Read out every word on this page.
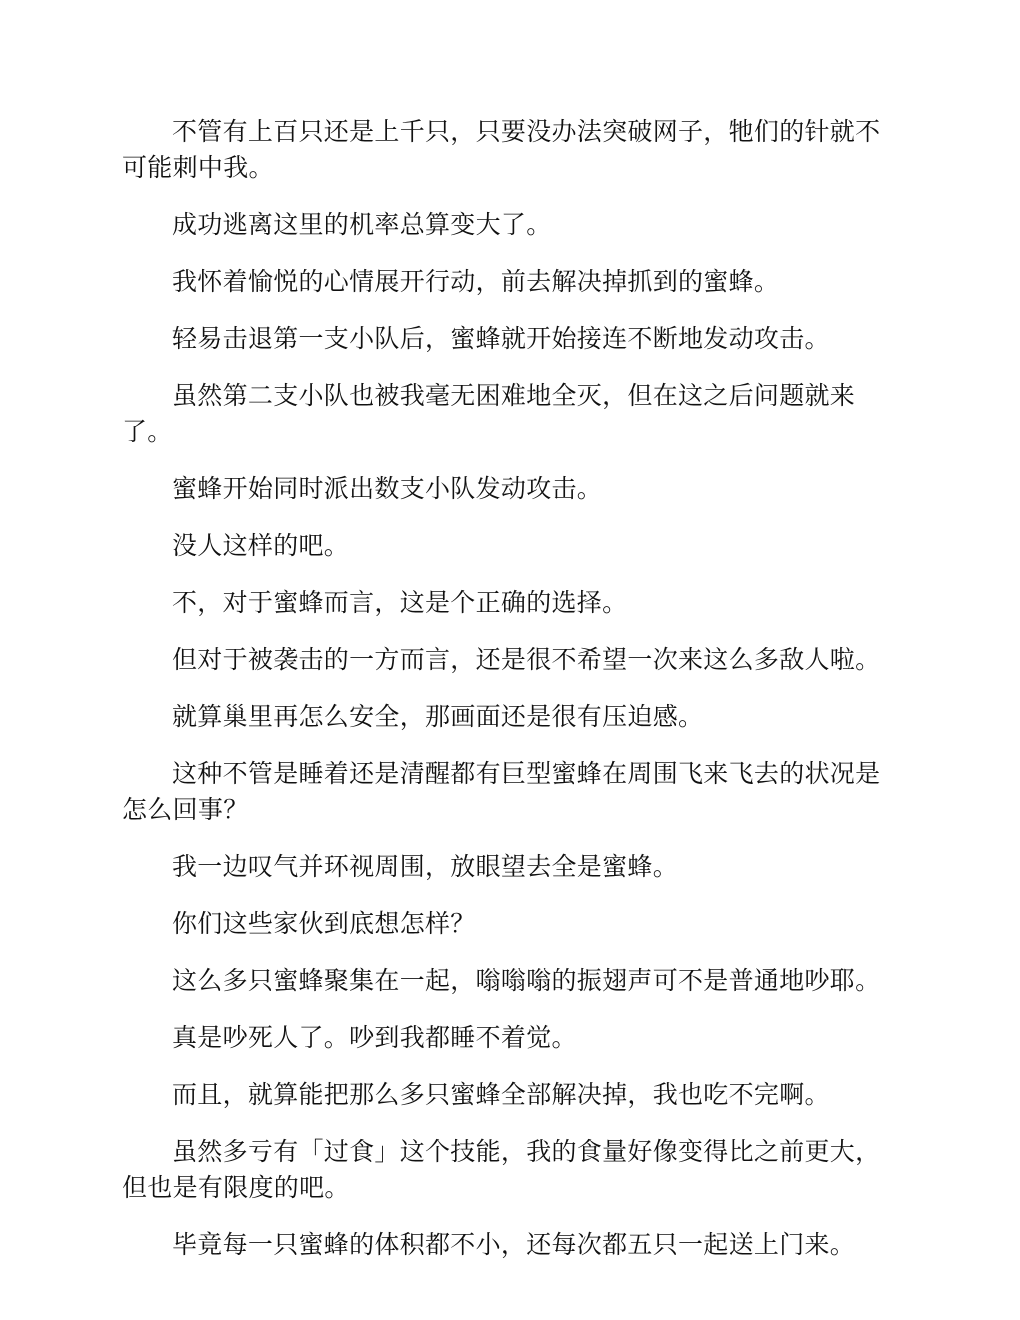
不管有上百只还是上千只，只要没办法突破网子，牠们的针就不可能刺中我。

成功逃离这里的机率总算变大了。

我怀着愉悦的心情展开行动，前去解决掉抓到的蜜蜂。

轻易击退第一支小队后，蜜蜂就开始接连不断地发动攻击。

虽然第二支小队也被我毫无困难地全灭，但在这之后问题就来了。

蜜蜂开始同时派出数支小队发动攻击。

没人这样的吧。

不，对于蜜蜂而言，这是个正确的选择。

但对于被袭击的一方而言，还是很不希望一次来这么多敌人啦。

就算巢里再怎么安全，那画面还是很有压迫感。

这种不管是睡着还是清醒都有巨型蜜蜂在周围飞来飞去的状况是怎么回事？

我一边叹气并环视周围，放眼望去全是蜜蜂。

你们这些家伙到底想怎样？

这么多只蜜蜂聚集在一起，嗡嗡嗡的振翅声可不是普通地吵耶。

真是吵死人了。吵到我都睡不着觉。

而且，就算能把那么多只蜜蜂全部解决掉，我也吃不完啊。

虽然多亏有「过食」这个技能，我的食量好像变得比之前更大，但也是有限度的吧。

毕竟每一只蜜蜂的体积都不小，还每次都五只一起送上门来。
